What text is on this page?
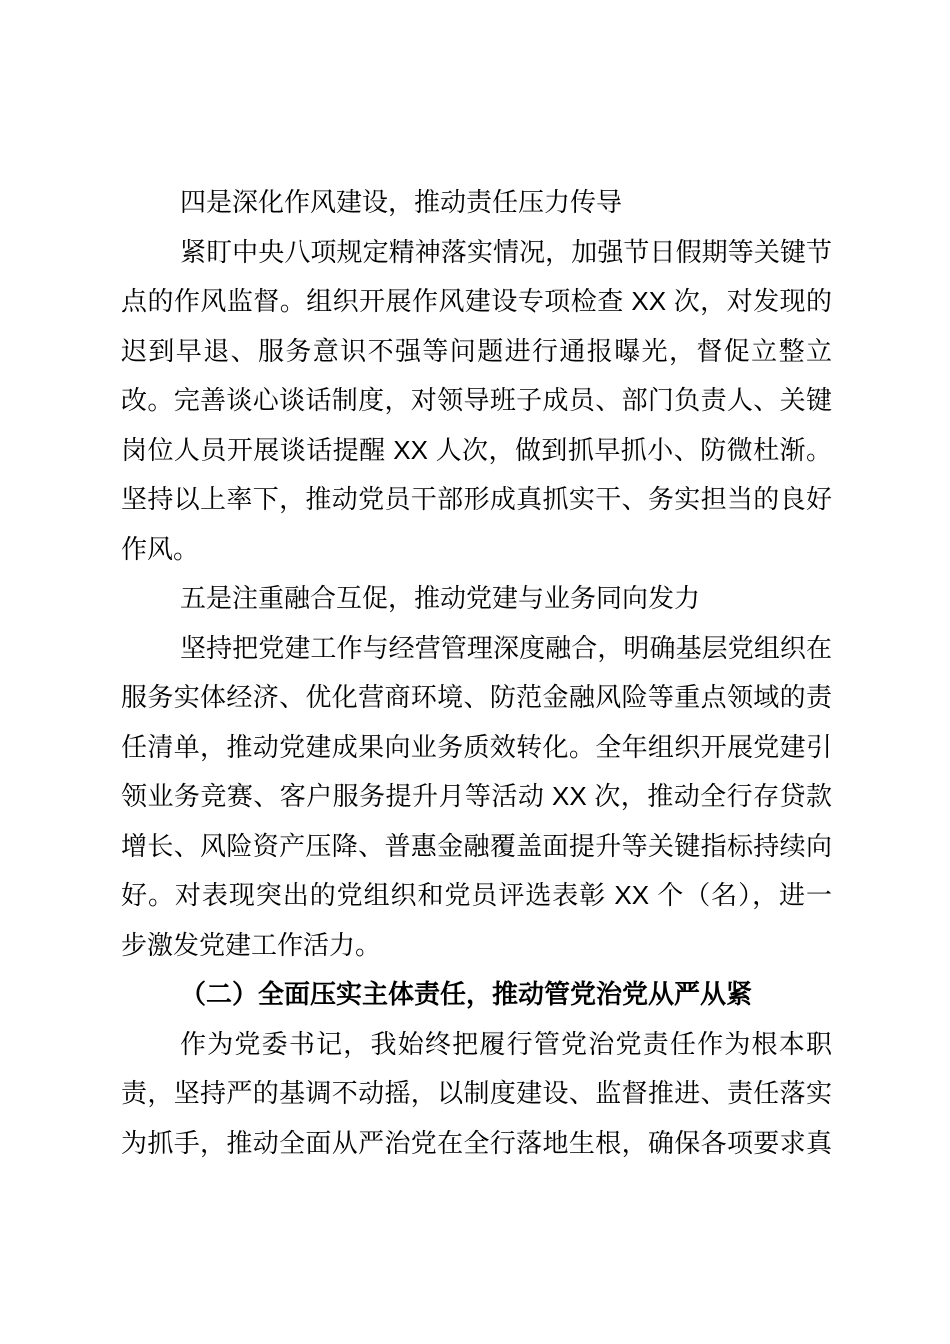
四是深化作风建设，推动责任压力传导
紧盯中央八项规定精神落实情况，加强节日假期等关键节
点的作风监督。组织开展作风建设专项检查 XX 次，对发现的
迟到早退、服务意识不强等问题进行通报曝光，督促立整立
改。完善谈心谈话制度，对领导班子成员、部门负责人、关键
岗位人员开展谈话提醒 XX 人次，做到抓早抓小、防微杜渐。
坚持以上率下，推动党员干部形成真抓实干、务实担当的良好
作风。
五是注重融合互促，推动党建与业务同向发力
坚持把党建工作与经营管理深度融合，明确基层党组织在
服务实体经济、优化营商环境、防范金融风险等重点领域的责
任清单，推动党建成果向业务质效转化。全年组织开展党建引
领业务竞赛、客户服务提升月等活动 XX 次，推动全行存贷款
增长、风险资产压降、普惠金融覆盖面提升等关键指标持续向
好。对表现突出的党组织和党员评选表彰 XX 个（名），进一
步激发党建工作活力。
（二）全面压实主体责任，推动管党治党从严从紧
作为党委书记，我始终把履行管党治党责任作为根本职
责，坚持严的基调不动摇，以制度建设、监督推进、责任落实
为抓手，推动全面从严治党在全行落地生根，确保各项要求真
